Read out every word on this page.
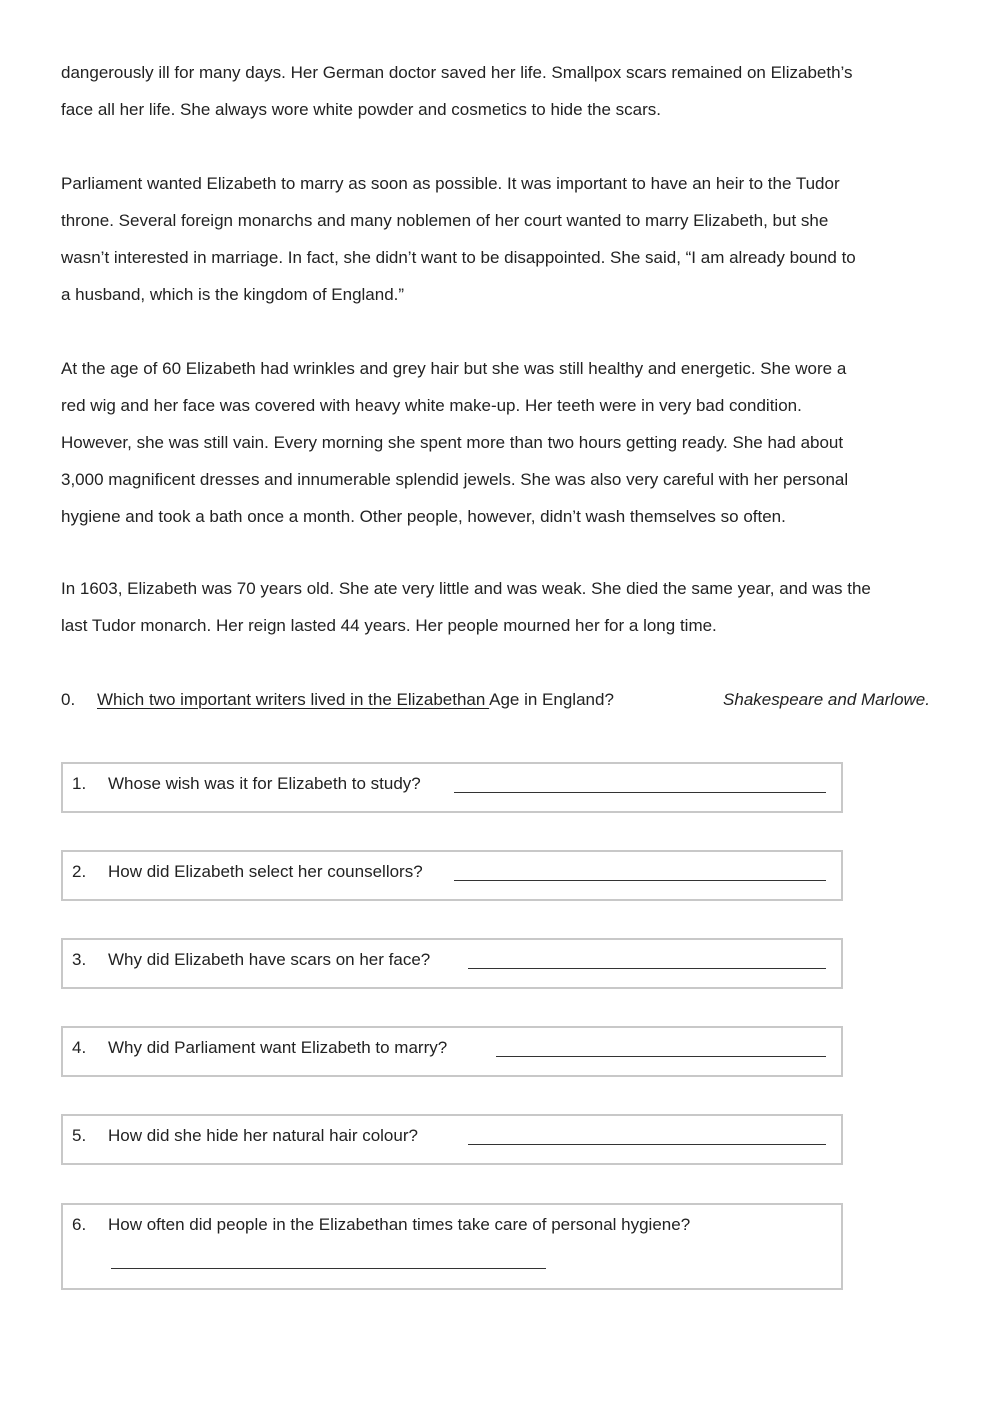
dangerously ill for many days. Her German doctor saved her life. Smallpox scars remained on Elizabeth’s
face all her life. She always wore white powder and cosmetics to hide the scars.

Parliament wanted Elizabeth to marry as soon as possible. It was important to have an heir to the Tudor
throne. Several foreign monarchs and many noblemen of her court wanted to marry Elizabeth, but she
wasn’t interested in marriage. In fact, she didn’t want to be disappointed. She said, “I am already bound to
a husband, which is the kingdom of England.”

At the age of 60 Elizabeth had wrinkles and grey hair but she was still healthy and energetic. She wore a
red wig and her face was covered with heavy white make-up. Her teeth were in very bad condition.
However, she was still vain. Every morning she spent more than two hours getting ready. She had about
3,000 magnificent dresses and innumerable splendid jewels. She was also very careful with her personal
hygiene and took a bath once a month. Other people, however, didn’t wash themselves so often.

In 1603, Elizabeth was 70 years old. She ate very little and was weak. She died the same year, and was the
last Tudor monarch. Her reign lasted 44 years. Her people mourned her for a long time.

0. Which two important writers lived in the Elizabethan Age in England?	Shakespeare and Marlowe.
1. Whose wish was it for Elizabeth to study?
2. How did Elizabeth select her counsellors?
3. Why did Elizabeth have scars on her face?
4. Why did Parliament want Elizabeth to marry?
5. How did she hide her natural hair colour?
6. How often did people in the Elizabethan times take care of personal hygiene?
